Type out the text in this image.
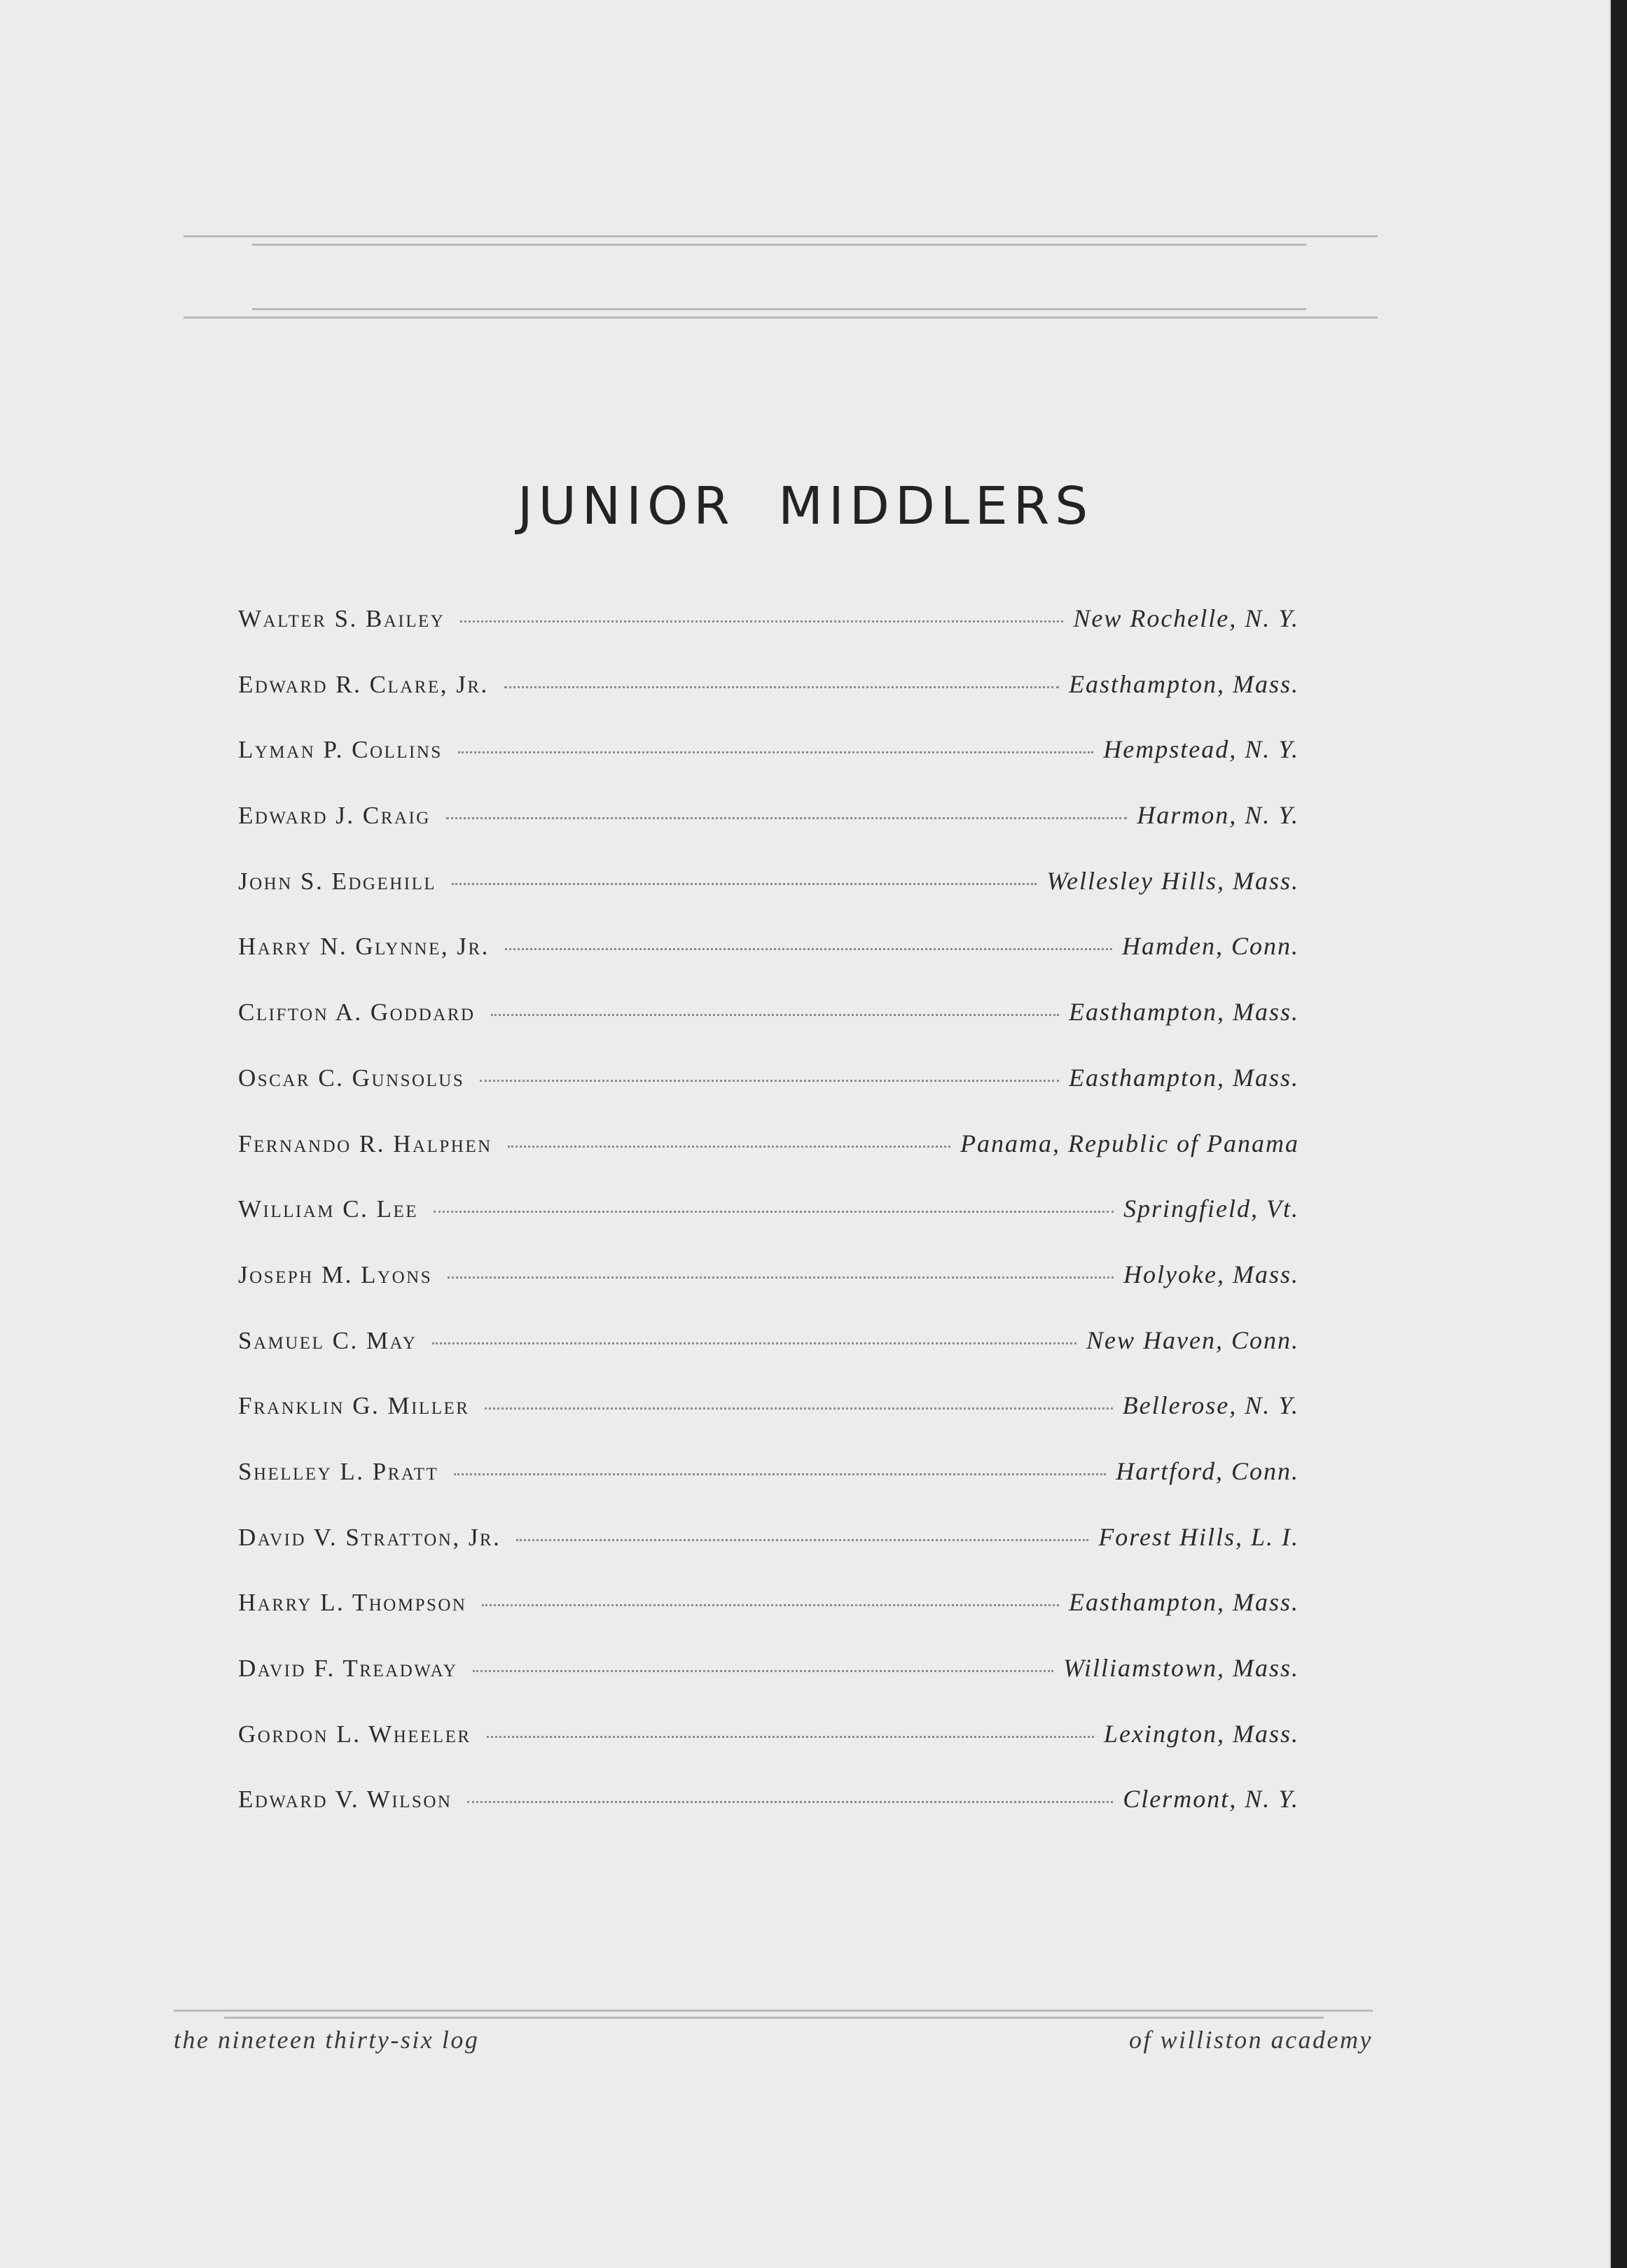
JUNIOR MIDDLERS
Walter S. Bailey	New Rochelle, N. Y.
Edward R. Clare, Jr.	Easthampton, Mass.
Lyman P. Collins	Hempstead, N. Y.
Edward J. Craig	Harmon, N. Y.
John S. Edgehill	Wellesley Hills, Mass.
Harry N. Glynne, Jr.	Hamden, Conn.
Clifton A. Goddard	Easthampton, Mass.
Oscar C. Gunsolus	Easthampton, Mass.
Fernando R. Halphen	Panama, Republic of Panama
William C. Lee	Springfield, Vt.
Joseph M. Lyons	Holyoke, Mass.
Samuel C. May	New Haven, Conn.
Franklin G. Miller	Bellerose, N. Y.
Shelley L. Pratt	Hartford, Conn.
David V. Stratton, Jr.	Forest Hills, L. I.
Harry L. Thompson	Easthampton, Mass.
David F. Treadway	Williamstown, Mass.
Gordon L. Wheeler	Lexington, Mass.
Edward V. Wilson	Clermont, N. Y.
the nineteen thirty-six log	of williston academy
